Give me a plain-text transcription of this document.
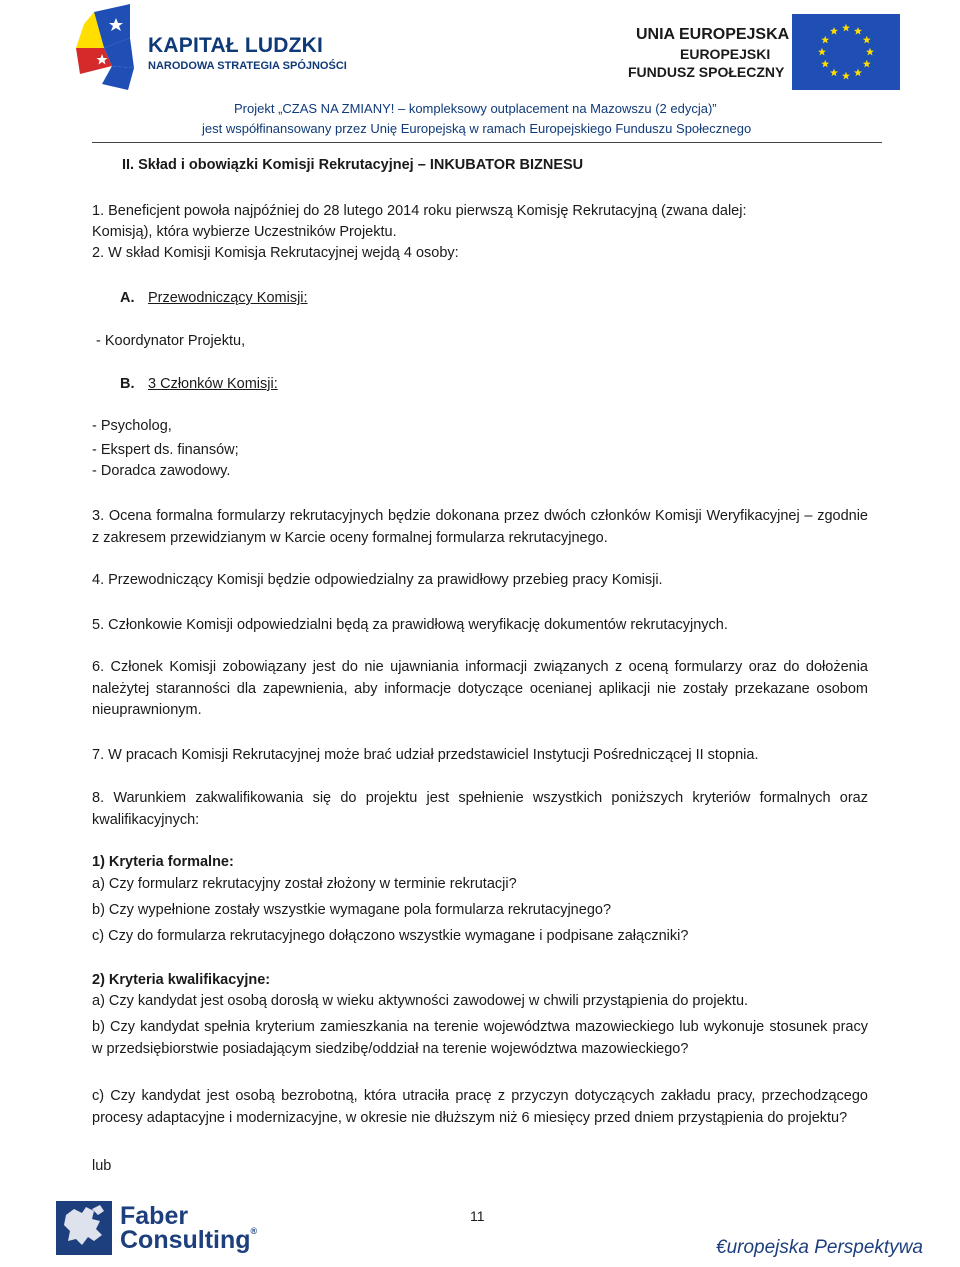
KAPITAŁ LUDZKI
NARODOWA STRATEGIA SPÓJNOŚCI
UNIA EUROPEJSKA
EUROPEJSKI
FUNDUSZ SPOŁECZNY
Projekt „CZAS NA ZMIANY! – kompleksowy outplacement na Mazowszu (2 edycja)”
jest współfinansowany przez Unię Europejską w ramach Europejskiego Funduszu Społecznego
II. Skład i obowiązki Komisji Rekrutacyjnej – INKUBATOR BIZNESU
1. Beneficjent powoła najpóźniej do 28 lutego 2014 roku pierwszą Komisję Rekrutacyjną (zwana dalej:
Komisją), która wybierze Uczestników Projektu.
2. W skład Komisji Komisja Rekrutacyjnej wejdą 4 osoby:
A. Przewodniczący Komisji:
- Koordynator Projektu,
B. 3 Członków Komisji:
- Psycholog,
- Ekspert ds. finansów;
- Doradca zawodowy.
3. Ocena formalna formularzy rekrutacyjnych będzie dokonana przez dwóch członków Komisji Weryfikacyjnej – zgodnie z zakresem przewidzianym w Karcie oceny formalnej formularza rekrutacyjnego.
4. Przewodniczący Komisji będzie odpowiedzialny za prawidłowy przebieg pracy Komisji.
5. Członkowie Komisji odpowiedzialni będą za prawidłową weryfikację dokumentów rekrutacyjnych.
6. Członek Komisji zobowiązany jest do nie ujawniania informacji związanych z oceną formularzy oraz do dołożenia należytej staranności dla zapewnienia, aby informacje dotyczące ocenianej aplikacji nie zostały przekazane osobom nieuprawnionym.
7. W pracach Komisji Rekrutacyjnej może brać udział przedstawiciel Instytucji Pośredniczącej II stopnia.
8. Warunkiem zakwalifikowania się do projektu jest spełnienie wszystkich poniższych kryteriów formalnych oraz kwalifikacyjnych:
1) Kryteria formalne:
a) Czy formularz rekrutacyjny został złożony w terminie rekrutacji?
b) Czy wypełnione zostały wszystkie wymagane pola formularza rekrutacyjnego?
c) Czy do formularza rekrutacyjnego dołączono wszystkie wymagane i podpisane załączniki?
2) Kryteria kwalifikacyjne:
a) Czy kandydat jest osobą dorosłą w wieku aktywności zawodowej w chwili przystąpienia do projektu.
b) Czy kandydat spełnia kryterium zamieszkania na terenie województwa mazowieckiego lub wykonuje stosunek pracy w przedsiębiorstwie posiadającym siedzibę/oddział na terenie województwa mazowieckiego?
c) Czy kandydat jest osobą bezrobotną, która utraciła pracę z przyczyn dotyczących zakładu pracy, przechodzącego procesy adaptacyjne i modernizacyjne, w okresie nie dłuższym niż 6 miesięcy przed dniem przystąpienia do projektu?
lub
Faber
Consulting®
11
€uropejska Perspektywa
